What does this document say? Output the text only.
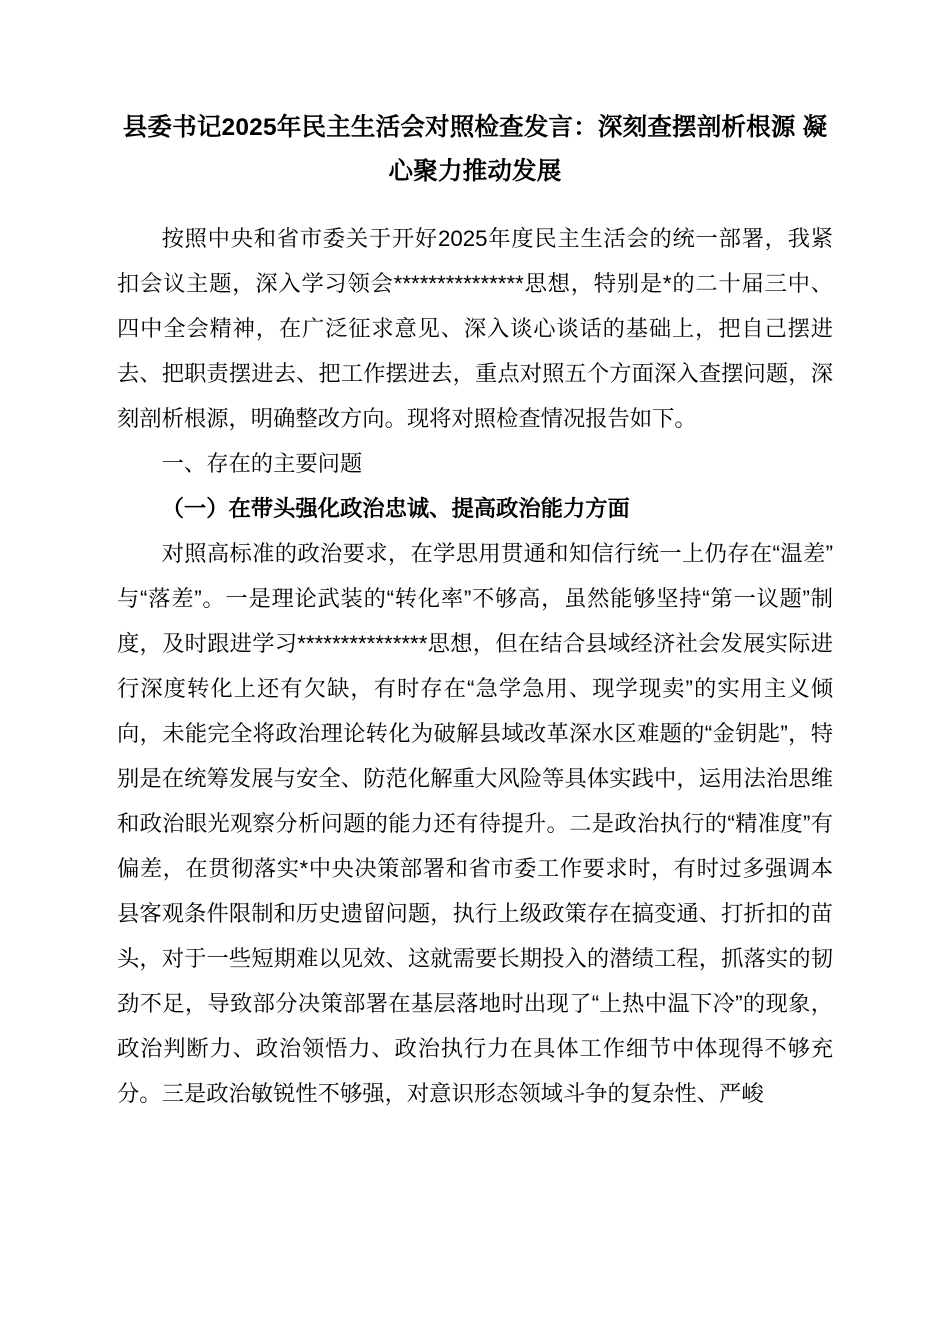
县委书记2025年民主生活会对照检查发言：深刻查摆剖析根源 凝心聚力推动发展

按照中央和省市委关于开好2025年度民主生活会的统一部署，我紧扣会议主题，深入学习领会***************思想，特别是*的二十届三中、四中全会精神，在广泛征求意见、深入谈心谈话的基础上，把自己摆进去、把职责摆进去、把工作摆进去，重点对照五个方面深入查摆问题，深刻剖析根源，明确整改方向。现将对照检查情况报告如下。

一、存在的主要问题

（一）在带头强化政治忠诚、提高政治能力方面

对照高标准的政治要求，在学思用贯通和知信行统一上仍存在“温差”与“落差”。一是理论武装的“转化率”不够高，虽然能够坚持“第一议题”制度，及时跟进学习***************思想，但在结合县域经济社会发展实际进行深度转化上还有欠缺，有时存在“急学急用、现学现卖”的实用主义倾向，未能完全将政治理论转化为破解县域改革深水区难题的“金钥匙”，特别是在统筹发展与安全、防范化解重大风险等具体实践中，运用法治思维和政治眼光观察分析问题的能力还有待提升。二是政治执行的“精准度”有偏差，在贯彻落实*中央决策部署和省市委工作要求时，有时过多强调本县客观条件限制和历史遗留问题，执行上级政策存在搞变通、打折扣的苗头，对于一些短期难以见效、这就需要长期投入的潜绩工程，抓落实的韧劲不足，导致部分决策部署在基层落地时出现了“上热中温下冷”的现象，政治判断力、政治领悟力、政治执行力在具体工作细节中体现得不够充分。三是政治敏锐性不够强，对意识形态领域斗争的复杂性、严峻
